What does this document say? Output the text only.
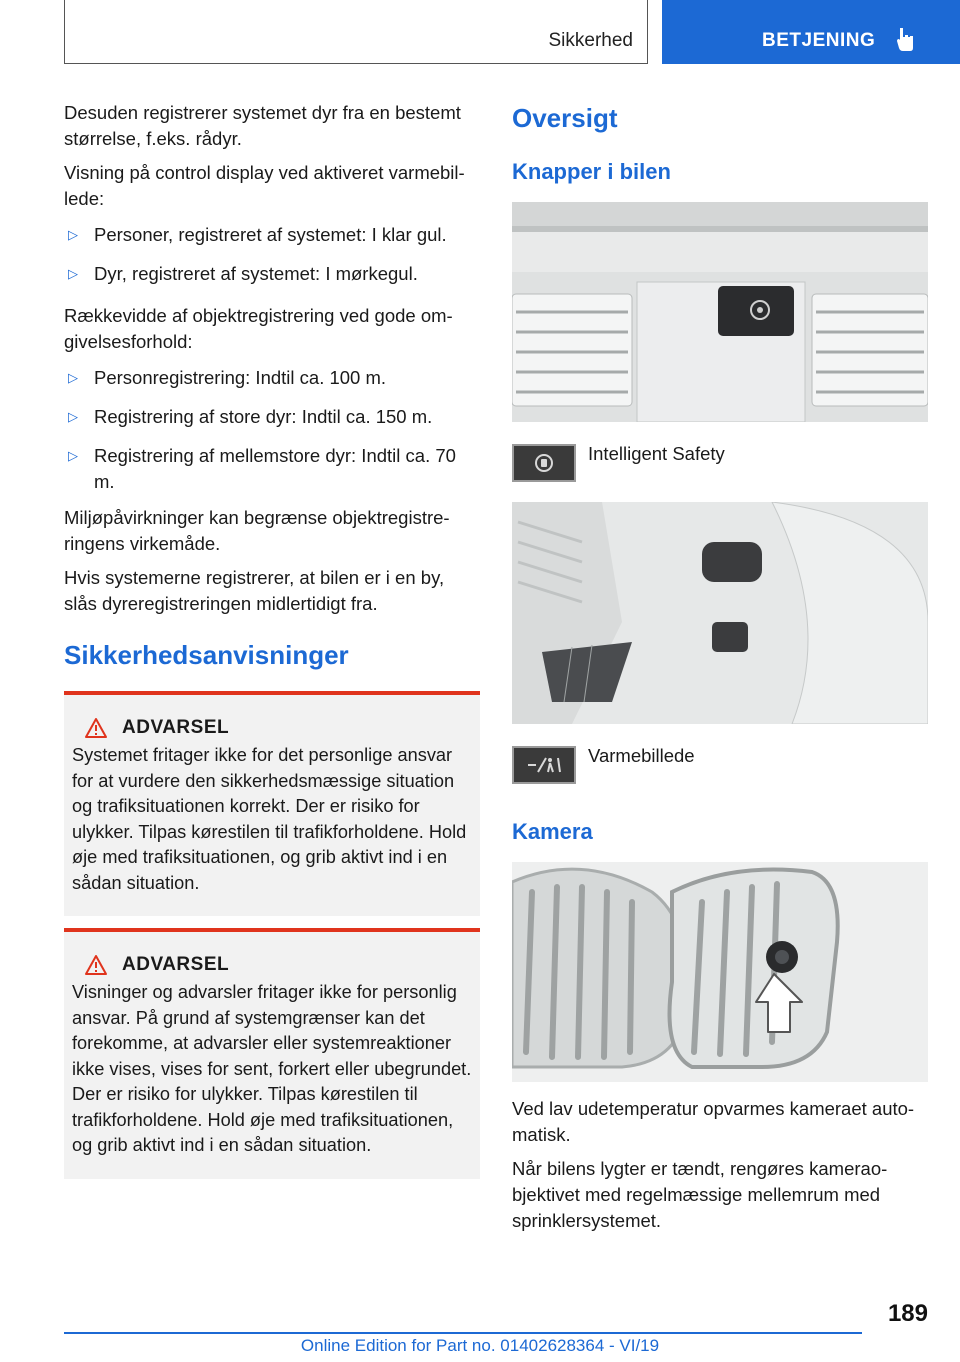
Sikkerhed	BETJENING

Desuden registrerer systemet dyr fra en bestemt størrelse, f.eks. rådyr.

Visning på control display ved aktiveret varmebillede:

▷ Personer, registreret af systemet: I klar gul.
▷ Dyr, registreret af systemet: I mørkegul.

Rækkevidde af objektregistrering ved gode omgivelsesforhold:

▷ Personregistrering: Indtil ca. 100 m.
▷ Registrering af store dyr: Indtil ca. 150 m.
▷ Registrering af mellemstore dyr: Indtil ca. 70 m.

Miljøpåvirkninger kan begrænse objektregistreringens virkemåde.

Hvis systemerne registrerer, at bilen er i en by, slås dyreregistreringen midlertidigt fra.

Sikkerhedsanvisninger
ADVARSEL

Systemet fritager ikke for det personlige ansvar for at vurdere den sikkerhedsmæssige situation og trafiksituationen korrekt. Der er risiko for ulykker. Tilpas kørestilen til trafikforholdene. Hold øje med trafiksituationen, og grib aktivt ind i en sådan situation.

ADVARSEL

Visninger og advarsler fritager ikke for personlig ansvar. På grund af systemgrænser kan det forekomme, at advarsler eller systemreaktioner ikke vises, vises for sent, forkert eller ubegrundet. Der er risiko for ulykker. Tilpas kørestilen til trafikforholdene. Hold øje med trafiksituationen, og grib aktivt ind i en sådan situation.

Oversigt
Knapper i bilen
Intelligent Safety
Varmebillede
Kamera

Ved lav udetemperatur opvarmes kameraet automatisk.

Når bilens lygter er tændt, rengøres kameraobjektivet med regelmæssige mellemrum med sprinklersystemet.

189
Online Edition for Part no. 01402628364 - VI/19
